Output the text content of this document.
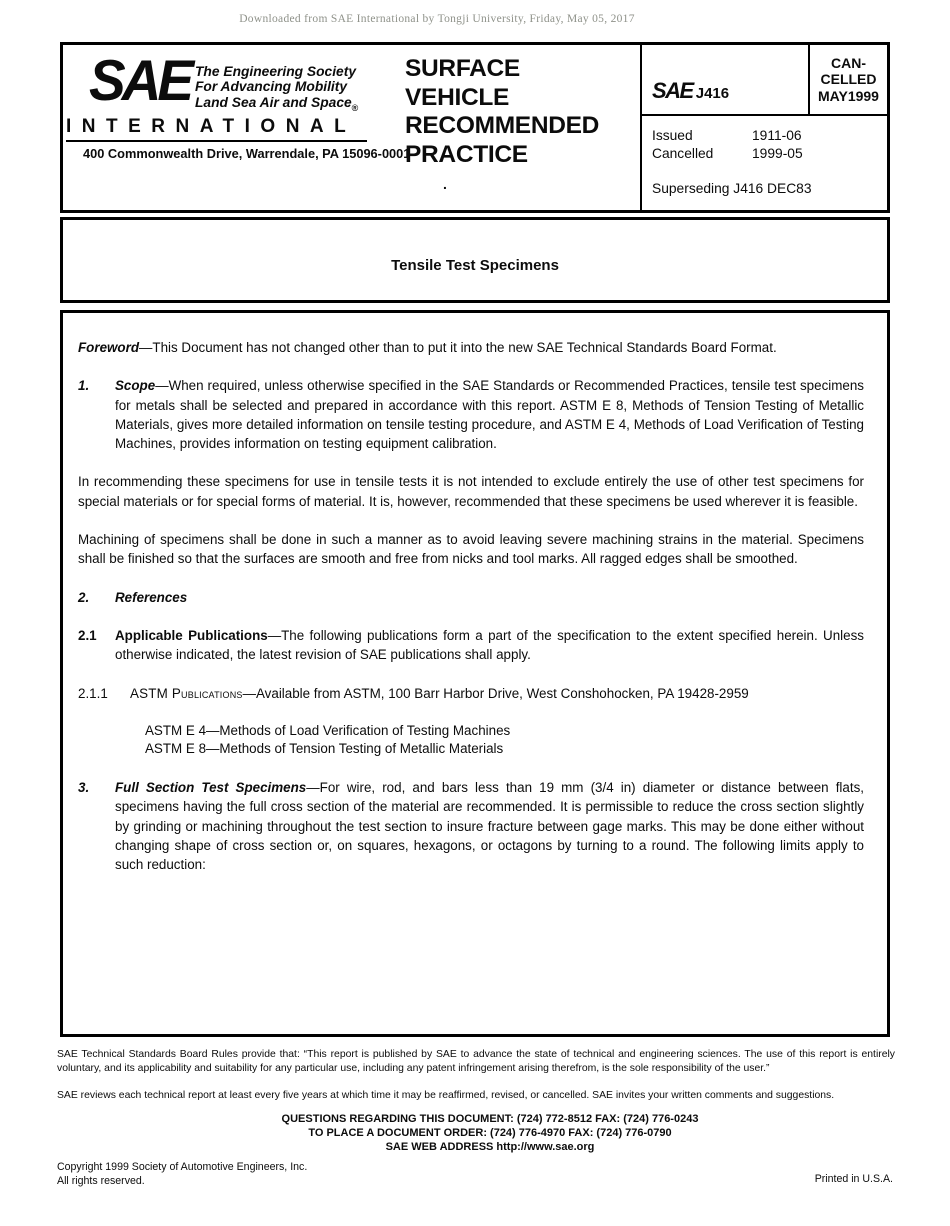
Downloaded from SAE International by Tongji University, Friday, May 05, 2017
SAE The Engineering Society
For Advancing Mobility
Land Sea Air and Space$_®$
INTERNATIONAL
400 Commonwealth Drive, Warrendale, PA 15096-0001
SURFACE
VEHICLE
RECOMMENDED
PRACTICE
.
SAE J416
CAN-
CELLED
MAY1999
Issued	1911-06
Cancelled	1999-05
Superseding J416 DEC83
Tensile Test Specimens

Foreword—This Document has not changed other than to put it into the new SAE Technical Standards Board Format.

1.	Scope—When required, unless otherwise specified in the SAE Standards or Recommended Practices, tensile test specimens for metals shall be selected and prepared in accordance with this report. ASTM E 8, Methods of Tension Testing of Metallic Materials, gives more detailed information on tensile testing procedure, and ASTM E 4, Methods of Load Verification of Testing Machines, provides information on testing equipment calibration.

In recommending these specimens for use in tensile tests it is not intended to exclude entirely the use of other test specimens for special materials or for special forms of material. It is, however, recommended that these specimens be used wherever it is feasible.

Machining of specimens shall be done in such a manner as to avoid leaving severe machining strains in the material. Specimens shall be finished so that the surfaces are smooth and free from nicks and tool marks. All ragged edges shall be smoothed.

2.	References
2.1	Applicable Publications—The following publications form a part of the specification to the extent specified herein. Unless otherwise indicated, the latest revision of SAE publications shall apply.
2.1.1	ASTM Publications—Available from ASTM, 100 Barr Harbor Drive, West Conshohocken, PA 19428-2959
ASTM E 4—Methods of Load Verification of Testing Machines
ASTM E 8—Methods of Tension Testing of Metallic Materials
3.	Full Section Test Specimens—For wire, rod, and bars less than 19 mm (3/4 in) diameter or distance between flats, specimens having the full cross section of the material are recommended. It is permissible to reduce the cross section slightly by grinding or machining throughout the test section to insure fracture between gage marks. This may be done either without changing shape of cross section or, on squares, hexagons, or octagons by turning to a round. The following limits apply to such reduction:
SAE Technical Standards Board Rules provide that: “This report is published by SAE to advance the state of technical and engineering sciences. The use of this report is entirely voluntary, and its applicability and suitability for any particular use, including any patent infringement arising therefrom, is the sole responsibility of the user.”
SAE reviews each technical report at least every five years at which time it may be reaffirmed, revised, or cancelled. SAE invites your written comments and suggestions.
QUESTIONS REGARDING THIS DOCUMENT: (724) 772-8512 FAX: (724) 776-0243
TO PLACE A DOCUMENT ORDER: (724) 776-4970 FAX: (724) 776-0790
SAE WEB ADDRESS http://www.sae.org
Copyright 1999 Society of Automotive Engineers, Inc.
All rights reserved.	Printed in U.S.A.
